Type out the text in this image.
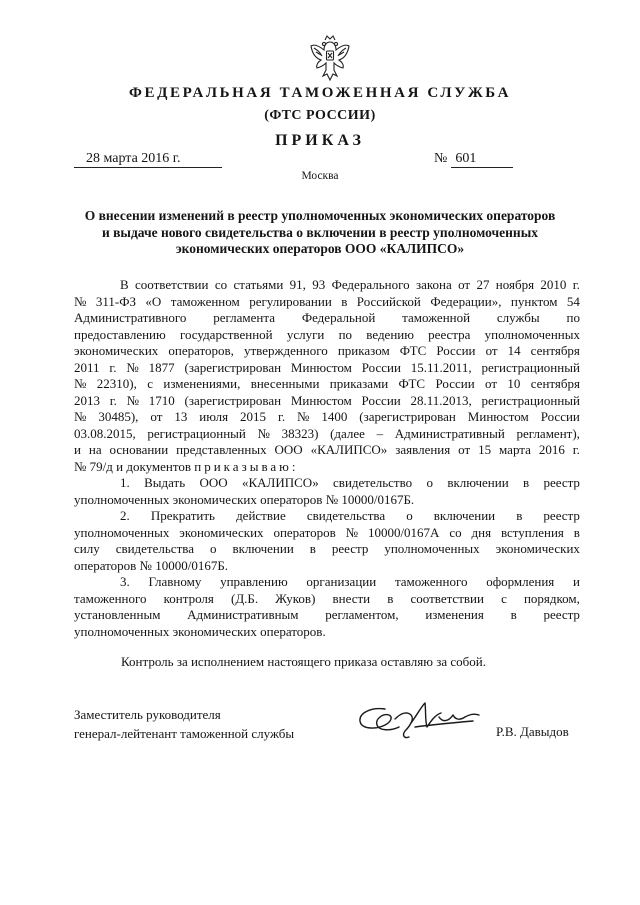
ФЕДЕРАЛЬНАЯ ТАМОЖЕННАЯ СЛУЖБА
(ФТС РОССИИ)
ПРИКАЗ
28 марта 2016 г.	№ 601
Москва
О внесении изменений в реестр уполномоченных экономических операторов
и выдаче нового свидетельства о включении в реестр уполномоченных
экономических операторов ООО «КАЛИПСО»
В соответствии со статьями 91, 93 Федерального закона от 27 ноября 2010 г.
№ 311-ФЗ «О таможенном регулировании в Российской Федерации», пунктом 54
Административного регламента Федеральной таможенной службы по
предоставлению государственной услуги по ведению реестра уполномоченных
экономических операторов, утвержденного приказом ФТС России от 14 сентября
2011 г. № 1877 (зарегистрирован Минюстом России 15.11.2011, регистрационный
№ 22310), с изменениями, внесенными приказами ФТС России от 10 сентября
2013 г. № 1710 (зарегистрирован Минюстом России 28.11.2013, регистрационный
№ 30485), от 13 июля 2015 г. № 1400 (зарегистрирован Минюстом России
03.08.2015, регистрационный № 38323) (далее – Административный регламент),
и на основании представленных ООО «КАЛИПСО» заявления от 15 марта 2016 г.
№ 79/д и документов приказываю:
1. Выдать ООО «КАЛИПСО» свидетельство о включении в реестр
уполномоченных экономических операторов № 10000/0167Б.
2. Прекратить действие свидетельства о включении в реестр
уполномоченных экономических операторов № 10000/0167А со дня вступления в
силу свидетельства о включении в реестр уполномоченных экономических
операторов № 10000/0167Б.
3. Главному управлению организации таможенного оформления и
таможенного контроля (Д.Б. Жуков) внести в соответствии с порядком,
установленным Административным регламентом, изменения в реестр
уполномоченных экономических операторов.
Контроль за исполнением настоящего приказа оставляю за собой.
Заместитель руководителя
генерал-лейтенант таможенной службы	Р.В. Давыдов
